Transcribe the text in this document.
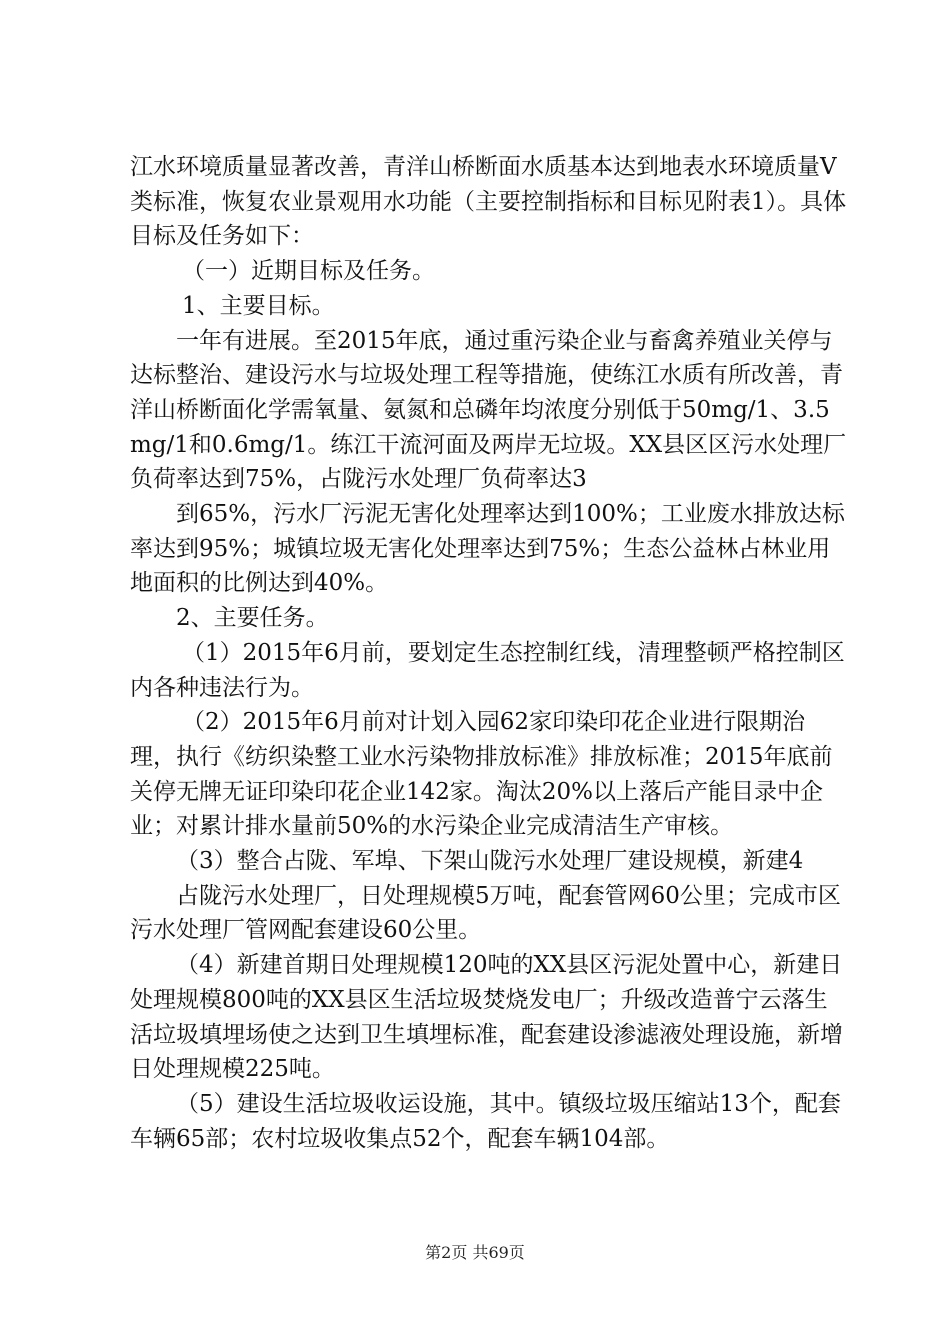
江水环境质量显著改善，青洋山桥断面水质基本达到地表水环境质量Ⅴ类标准，恢复农业景观用水功能（主要控制指标和目标见附表1）。具体目标及任务如下：

（一）近期目标及任务。

1、主要目标。

一年有进展。至2015年底，通过重污染企业与畜禽养殖业关停与达标整治、建设污水与垃圾处理工程等措施，使练江水质有所改善，青洋山桥断面化学需氧量、氨氮和总磷年均浓度分别低于50mg/1、3.5mg/1和0.6mg/1。练江干流河面及两岸无垃圾。XX县区区污水处理厂负荷率达到75%，占陇污水处理厂负荷率达3

到65%，污水厂污泥无害化处理率达到100%；工业废水排放达标率达到95%；城镇垃圾无害化处理率达到75%；生态公益林占林业用地面积的比例达到40%。

2、主要任务。

（1）2015年6月前，要划定生态控制红线，清理整顿严格控制区内各种违法行为。

（2）2015年6月前对计划入园62家印染印花企业进行限期治理，执行《纺织染整工业水污染物排放标准》排放标准；2015年底前关停无牌无证印染印花企业142家。淘汰20%以上落后产能目录中企业；对累计排水量前50%的水污染企业完成清洁生产审核。

（3）整合占陇、军埠、下架山陇污水处理厂建设规模，新建4

占陇污水处理厂，日处理规模5万吨，配套管网60公里；完成市区污水处理厂管网配套建设60公里。

（4）新建首期日处理规模120吨的XX县区污泥处置中心，新建日处理规模800吨的XX县区生活垃圾焚烧发电厂；升级改造普宁云落生活垃圾填埋场使之达到卫生填埋标准，配套建设渗滤液处理设施，新增日处理规模225吨。

（5）建设生活垃圾收运设施，其中。镇级垃圾压缩站13个，配套车辆65部；农村垃圾收集点52个，配套车辆104部。

第2页 共69页
